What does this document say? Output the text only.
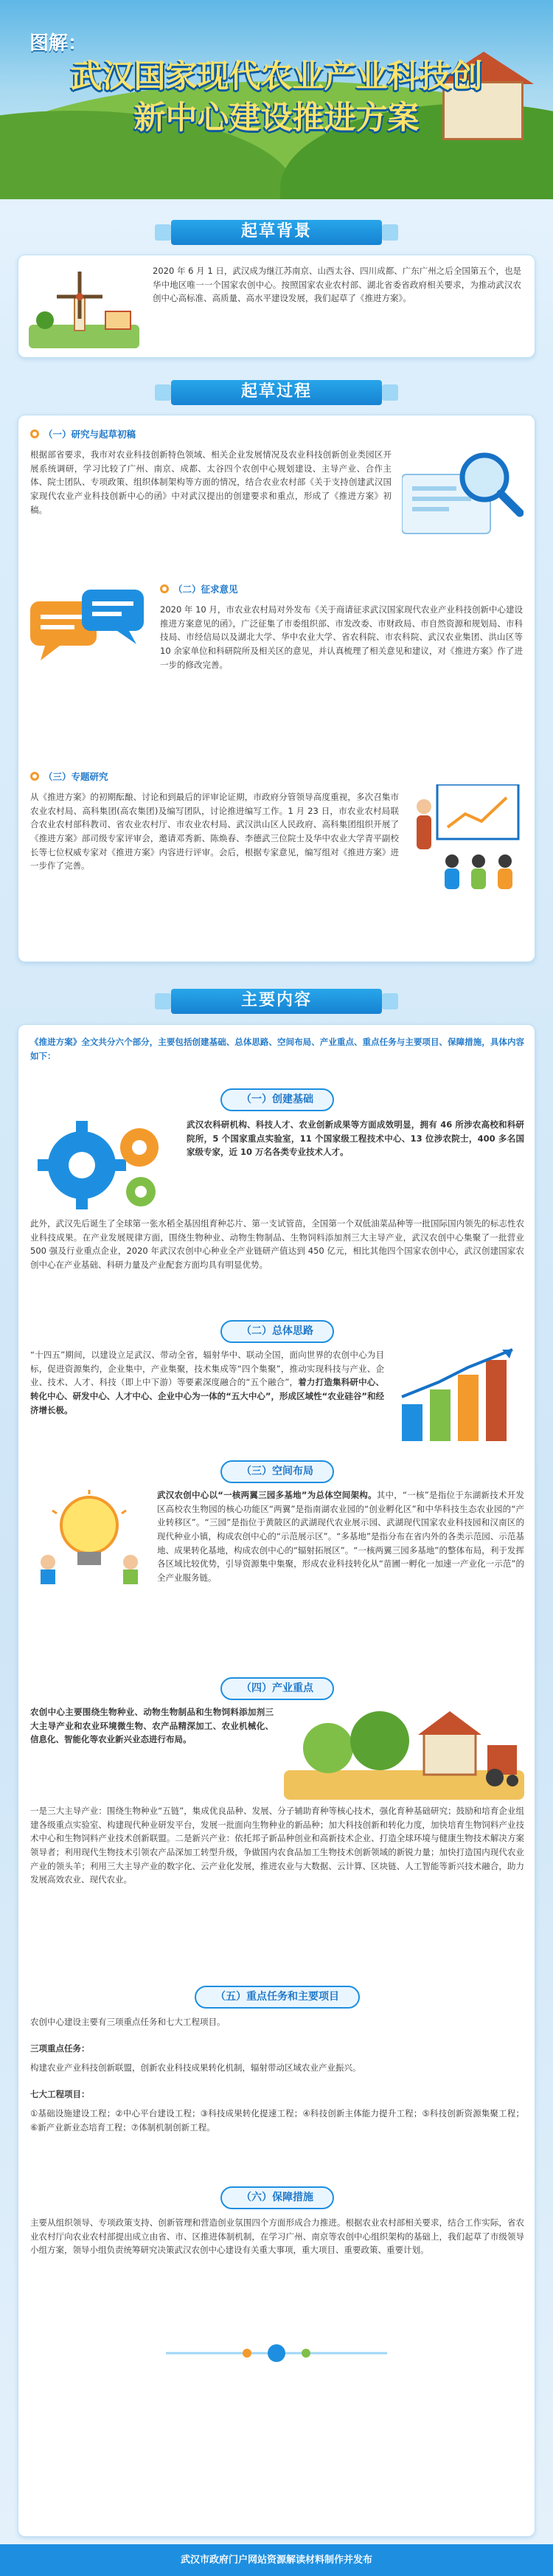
图解：
武汉国家现代农业产业科技创
新中心建设推进方案
起草背景

2020 年 6 月 1 日，武汉成为继江苏南京、山西太谷、四川成都、广东广州之后全国第五个，也是华中地区唯一一个国家农创中心。按照国家农业农村部、湖北省委省政府相关要求，为推动武汉农创中心高标准、高质量、高水平建设发展，我们起草了《推进方案》。

起草过程
（一）研究与起草初稿

根据部省要求，我市对农业科技创新特色领域、相关企业发展情况及农业科技创新创业类园区开展系统调研，学习比较了广州、南京、成都、太谷四个农创中心规划建设、主导产业、合作主体、院士团队、专项政策、组织体制架构等方面的情况，结合农业农村部《关于支持创建武汉国家现代农业产业科技创新中心的函》中对武汉提出的创建要求和重点，形成了《推进方案》初稿。

（二）征求意见

2020 年 10 月，市农业农村局对外发布《关于商请征求武汉国家现代农业产业科技创新中心建设推进方案意见的函》，广泛征集了市委组织部、市发改委、市财政局、市自然资源和规划局、市科技局、市经信局以及湖北大学、华中农业大学、省农科院、市农科院、武汉农业集团、洪山区等 10 余家单位和科研院所及相关区的意见，并认真梳理了相关意见和建议，对《推进方案》作了进一步的修改完善。

（三）专题研究

从《推进方案》的初期酝酿、讨论和到最后的评审论证期，市政府分管领导高度重视，多次召集市农业农村局、高科集团(高农集团)及编写团队，讨论推进编写工作。1 月 23 日，市农业农村局联合农业农村部科教司、省农业农村厅、市农业农村局、武汉洪山区人民政府、高科集团组织开展了《推进方案》部司级专家评审会，邀请邓秀新、陈焕春、李德武三位院士及华中农业大学青平副校长等七位权威专家对《推进方案》内容进行评审。会后，根据专家意见，编写组对《推进方案》进一步作了完善。

主要内容

《推进方案》全文共分六个部分，主要包括创建基础、总体思路、空间布局、产业重点、重点任务与主要项目、保障措施，具体内容如下：

（一）创建基础

武汉农科研机构、科技人才、农业创新成果等方面成效明显，拥有 46 所涉农高校和科研院所，5 个国家重点实验室，11 个国家级工程技术中心、13 位涉农院士，400 多名国家级专家，近 10 万名各类专业技术人才。

此外，武汉先后诞生了全球第一张水稻全基因组育种芯片、第一支试管苗，全国第一个双低油菜品种等一批国际国内领先的标志性农业科技成果。在产业发展规律方面，围绕生物种业、动物生物制品、生物饲料添加剂三大主导产业，武汉农创中心集聚了一批营业 500 强及行业重点企业，2020 年武汉农创中心种业全产业链研产值达到 450 亿元，相比其他四个国家农创中心，武汉创建国家农创中心在产业基础、科研力量及产业配套方面均具有明显优势。

（二）总体思路

“十四五”期间，以建设立足武汉、带动全省，辐射华中、联动全国，面向世界的农创中心为目标，促进资源集约，企业集中，产业集聚，技术集成等“四个集聚”，推动实现科技与产业、企业、技术、人才、科技（即上中下游）等要素深度融合的“五个融合”，着力打造集科研中心、转化中心、研发中心、人才中心、企业中心为一体的“五大中心”，形成区域性“农业硅谷”和经济增长极。

（三）空间布局

武汉农创中心以“一核两翼三园多基地”为总体空间架构。其中，“一核”是指位于东湖新技术开发区高校农生物园的核心功能区“两翼”是指南湖农业园的“创业孵化区”和中华科技生态农业园的“产业转移区”。“三园”是指位于黄陂区的武湖现代农业展示园、武湖现代国家农业科技园和汉南区的现代种业小镇，构成农创中心的“示范展示区”。“多基地”是指分布在省内外的各类示范园、示范基地、成果转化基地，构成农创中心的“辐射拓展区”。“一核两翼三园多基地”的整体布局，利于发挥各区域比较优势，引导资源集中集聚，形成农业科技转化从“苗圃一孵化一加速一产业化一示范”的全产业服务链。

（四）产业重点

农创中心主要围绕生物种业、动物生物制品和生物饲料添加剂三大主导产业和农业环境微生物、农产品精深加工、农业机械化、信息化、智能化等农业新兴业态进行布局。

一是三大主导产业：围绕生物种业“五链”，集成优良品种、发展、分子辅助育种等核心技术，强化育种基础研究；鼓励和培育企业组建各级重点实验室、构建现代种业研发平台，发展一批面向生物种业的新品种；加大科技创新和转化力度，加快培育生物饲料产业技术中心和生物饲料产业技术创新联盟。二是新兴产业：依托邦子新品种创业和高新技术企业、打造全球环境与健康生物技术解决方案领导者；利用现代生物技术引领农产品深加工转型升级，争做国内农食品加工生物技术创新领域的新锐力量；加快打造国内现代农业产业的领头羊；利用三大主导产业的数字化、云产业化发展，推进农业与大数据、云计算、区块链、人工智能等新兴技术融合，助力发展高效农业、现代农业。

（五）重点任务和主要项目

农创中心建设主要有三项重点任务和七大工程项目。

三项重点任务：

构建农业产业科技创新联盟，创新农业科技成果转化机制，辐射带动区域农业产业振兴。

七大工程项目：

①基础设施建设工程；②中心平台建设工程；③科技成果转化提速工程；④科技创新主体能力提升工程；⑤科技创新资源集聚工程；⑥新产业新业态培育工程；⑦体制机制创新工程。

（六）保障措施

主要从组织领导、专项政策支持、创新管理和营造创业氛围四个方面形成合力推进。根据农业农村部相关要求，结合工作实际，省农业农村厅向农业农村部提出成立由省、市、区推进体制机制，在学习广州、南京等农创中心组织架构的基础上，我们起草了市级领导小组方案，领导小组负责统筹研究决策武汉农创中心建设有关重大事项，重大项目、重要政策、重要计划。

武汉市政府门户网站资源解读材料制作并发布
